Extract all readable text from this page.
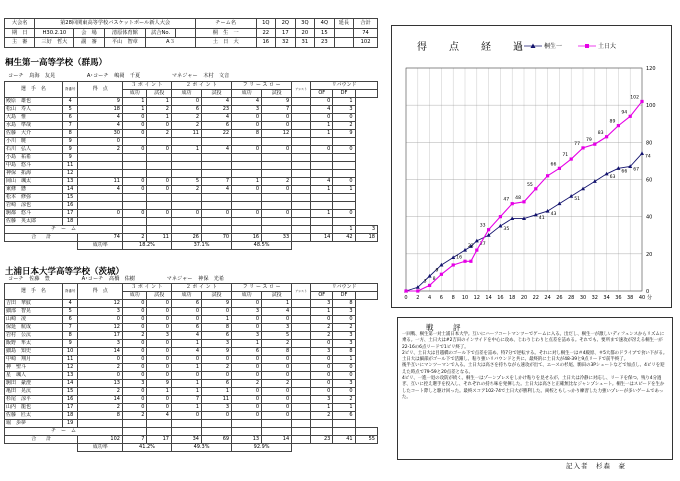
大会名	第28回関東高等学校バスケットボール新人大会					チーム名	1Q	2Q	3Q	4Q	延長	合計
期　日	H30.2.10	会　場	清原体育館	試合No.		桐　生　一	22	17	20	15		74
主　審	三好　哲大	副　審	平山　智章	A３		土　日　大	16	32	31	23		102
桐生第一高等学校（群馬）
コーチ 鳥海　友晃	A･コーチ 嶋岡　千夏	マネジャー 木村　文音
選　手　名	背番号	得　点	３ ポ イ ン ト		２ ポ イ ン ト		フ リ ー ス ロ ー		アシスト	リバウンド		
			成功	試投	成功	試投	成功	試投		OF	DF	
殿原　雄也	4	9	1	1	0	4	4	9		0	1	
松山　寿人	5	18	1	2	6	23	3	7		4	3	
大島　惟	6	4	0	1	2	4	0	0		0	0	
水島　準哉	7	4	0	0	2	6	0	0		1	2	
佐藤　大介	8	30	0	2	11	22	8	12		1	9	
小川　暁	9	0										
石川　弘人	9	2	0	0	1	4	0	0		0	0	
小島　祐希	9											
中島　悠斗	11											
神保　拓海	12											
岡山　颯太	13	11	0	0	5	7	1	2		4	0	
東條　懸	14	4	0	0	2	4	0	0		1	1	
松本　修弥	15											
岩崎　涼也	16											
駒都　悠斗	17	0	0	0	0	0	0	0		1	0	
佐藤　英太郎	18											
チ　ー　ム											1	3
合　　計		74	2	11	26	70	16	33		14	42	18
		成功率	18.2%		37.1%		48.5%					
土浦日本大学高等学校（茨城）
コーチ 佐藤　豊	A･コーチ 髙橋　佑樹	マネジャー 神保　光希
選　手　名	背番号	得　点	３ ポ イ ン ト		２ ポ イ ン ト		フ リ ー ス ロ ー		アシスト	リバウンド		
			成功	試投	成功	試投	成功	試投		OF	DF	
吉田　華紋	4	12	0	0	6	9	0	1		3	8	
細部　智晃	5	3	0	0	0	0	3	4		1	3	
山崎　凌	6	0	0	0	0	1	0	0		0	0	
保延　航成	7	12	0	0	6	8	0	3		2	2	
岩村　公汰	8	17	2	3	4	6	3	5		2	3	
飯野　隼太	9	3	0	0	1	3	1	2		0	3	
細島　知史	10	14	0	0	4	9	6	8		3	8	
中崎　翔月	11	0	0	0	0	0	0	0		0	1	
神　聖斗	12	2	0	0	1	2	0	0		0	0	
星　颯人	13	0	0	0	0	0	0	0		0	0	
駒田　豪澄	14	13	3	9	1	6	2	2		0	3	
亀田　晃汰	15	2	0	1	1	1	0	0		0	0	
杉尾　涼平	16	14	0	0	7	11	0	0		3	2	
山内　龍也	17	2	0	0	1	3	0	0		1	1	
佐藤　匠太	18	8	2	4	0	0	0	0		2	6	
堀　歩夢	19											
チ　ー　ム												
合　　計		102	7	17	34	69	13	14		23	41	55
		成功率	41.2%		49.3%		92.9%					
得　点　経　過	桐生一	土日大
0 2 4 6 8 10 12 14 16 18 20 22 24 26 28 30 32 34 36 38 40 分
0
20
40
60
80
100
120
8
27
35
41
43
51
63
66 67
74
3
9
16
22
33
47 48
55
66
71
77
79
83
89
94
102
戦　評
一回戦、桐生第一対土浦日本大学。互いにハーフコートマンツーでゲームに入る。出だし、桐生一が激しいディフェンスからリズムに乗る。一方、土日大は#2吉田のインサイドを中心に攻め、じわりじわりと点差を詰める。それでも、要所まで速攻が冴える桐生一が22-16の6点リードで1ピリ終了。
2ピリ、土日大は目越橋のゴール下で点差を詰め、特7分で逆転する。それに対し桐生一は＃4殿原、＃5大都のドライブで食い下がる。土日大は細部がゴール下で活躍し、粘り強いリバウンドと共に、最終的に土日大が48-39と9点リードで前半終了。
後半互いにマンツーマンで入る。土日大は高さを持ちながら速攻が出て、エースの杉尾、駒田の3Pシュートなどで加点し、4ピリを迎えた時点で79-59と20点差となる。
4ピリ、一進一退の攻防が続く。桐生一はゾーンプレスをしかけ粘りを見せるが、土日大は冷静に対応し、リードを保つ。残り4分過ぎ、互いに控え選手を投入し、それぞれの持ち味を発揮した。土日大は高さと正確無比なジャンプシュート。桐生一はスピードを生かしたコート際しと駆け回った。最終スコア102-74で土日大が勝利した。両校ともしっかり練習した力強いプレーが多いゲームであった。
記入者　杉森　豪
